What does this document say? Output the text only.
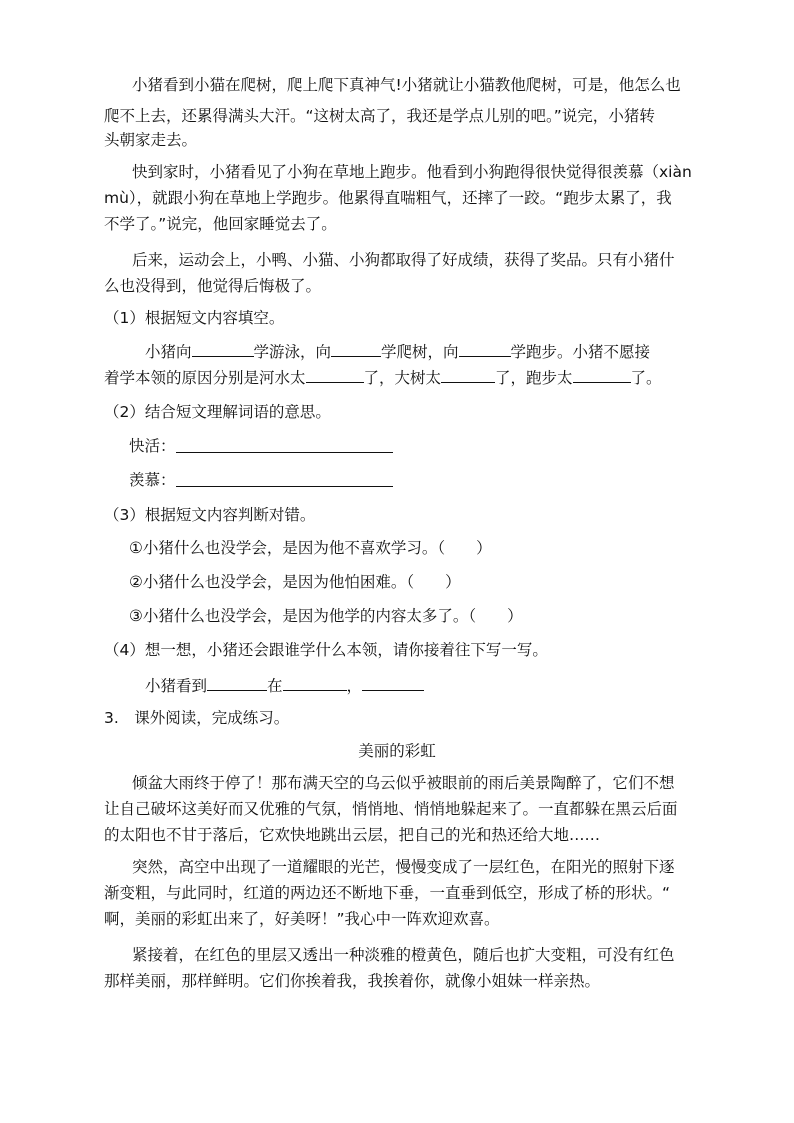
小猪看到小猫在爬树，爬上爬下真神气!小猪就让小猫教他爬树，可是，他怎么也
爬不上去，还累得满头大汗。“这树太高了，我还是学点儿别的吧。”说完，小猪转
头朝家走去。
快到家时，小猪看见了小狗在草地上跑步。他看到小狗跑得很快觉得很羡慕（xiàn
mù），就跟小狗在草地上学跑步。他累得直喘粗气，还摔了一跤。“跑步太累了，我
不学了。”说完，他回家睡觉去了。
后来，运动会上，小鸭、小猫、小狗都取得了好成绩，获得了奖品。只有小猪什
么也没得到，他觉得后悔极了。
（1）根据短文内容填空。
小猪向	学游泳，向	学爬树，向	学跑步。小猪不愿接
着学本领的原因分别是河水太	了，大树太	了，跑步太	了。
（2）结合短文理解词语的意思。
快活：
羡慕：
（3）根据短文内容判断对错。
①小猪什么也没学会，是因为他不喜欢学习。（　　）
②小猪什么也没学会，是因为他怕困难。（　　）
③小猪什么也没学会，是因为他学的内容太多了。（　　）
（4）想一想，小猪还会跟谁学什么本领，请你接着往下写一写。
小猪看到	在	，
3.　课外阅读，完成练习。
美丽的彩虹
倾盆大雨终于停了！那布满天空的乌云似乎被眼前的雨后美景陶醉了，它们不想
让自己破坏这美好而又优雅的气氛，悄悄地、悄悄地躲起来了。一直都躲在黑云后面
的太阳也不甘于落后，它欢快地跳出云层，把自己的光和热还给大地……
突然，高空中出现了一道耀眼的光芒，慢慢变成了一层红色，在阳光的照射下逐
渐变粗，与此同时，红道的两边还不断地下垂，一直垂到低空，形成了桥的形状。“
啊，美丽的彩虹出来了，好美呀！”我心中一阵欢迎欢喜。
紧接着，在红色的里层又透出一种淡雅的橙黄色，随后也扩大变粗，可没有红色
那样美丽，那样鲜明。它们你挨着我，我挨着你，就像小姐妹一样亲热。
